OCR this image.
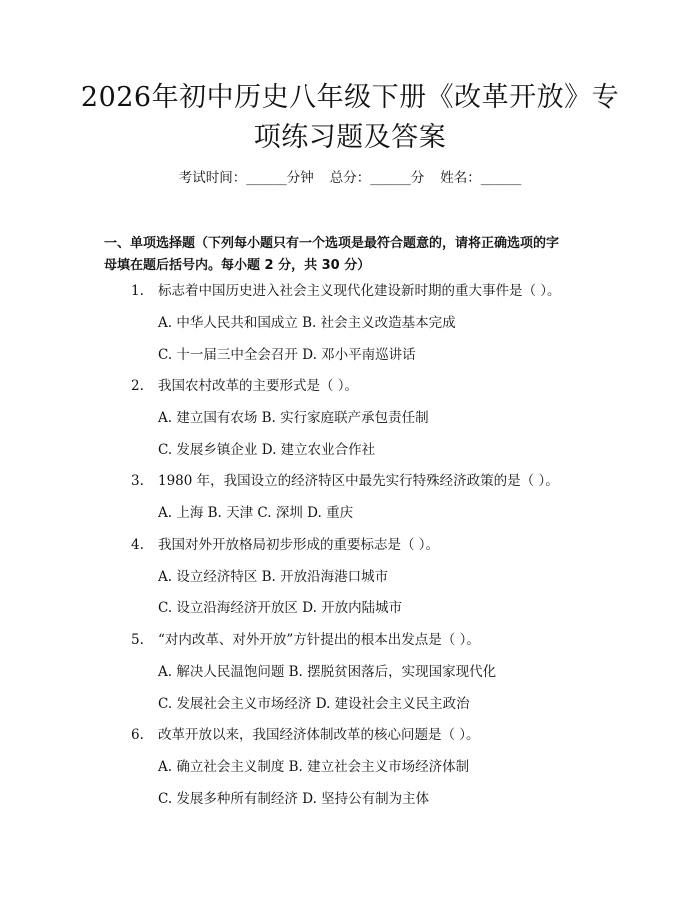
2026年初中历史八年级下册《改革开放》专
项练习题及答案
考试时间：______分钟 总分：______分 姓名：______
一、单项选择题（下列每小题只有一个选项是最符合题意的，请将正确选项的字
母填在题后括号内。每小题 2 分，共 30 分）
1. 标志着中国历史进入社会主义现代化建设新时期的重大事件是（ ）。
A. 中华人民共和国成立 B. 社会主义改造基本完成
C. 十一届三中全会召开 D. 邓小平南巡讲话
2. 我国农村改革的主要形式是（ ）。
A. 建立国有农场 B. 实行家庭联产承包责任制
C. 发展乡镇企业 D. 建立农业合作社
3. 1980 年，我国设立的经济特区中最先实行特殊经济政策的是（ ）。
A. 上海 B. 天津 C. 深圳 D. 重庆
4. 我国对外开放格局初步形成的重要标志是（ ）。
A. 设立经济特区 B. 开放沿海港口城市
C. 设立沿海经济开放区 D. 开放内陆城市
5. “对内改革、对外开放”方针提出的根本出发点是（ ）。
A. 解决人民温饱问题 B. 摆脱贫困落后，实现国家现代化
C. 发展社会主义市场经济 D. 建设社会主义民主政治
6. 改革开放以来，我国经济体制改革的核心问题是（ ）。
A. 确立社会主义制度 B. 建立社会主义市场经济体制
C. 发展多种所有制经济 D. 坚持公有制为主体
